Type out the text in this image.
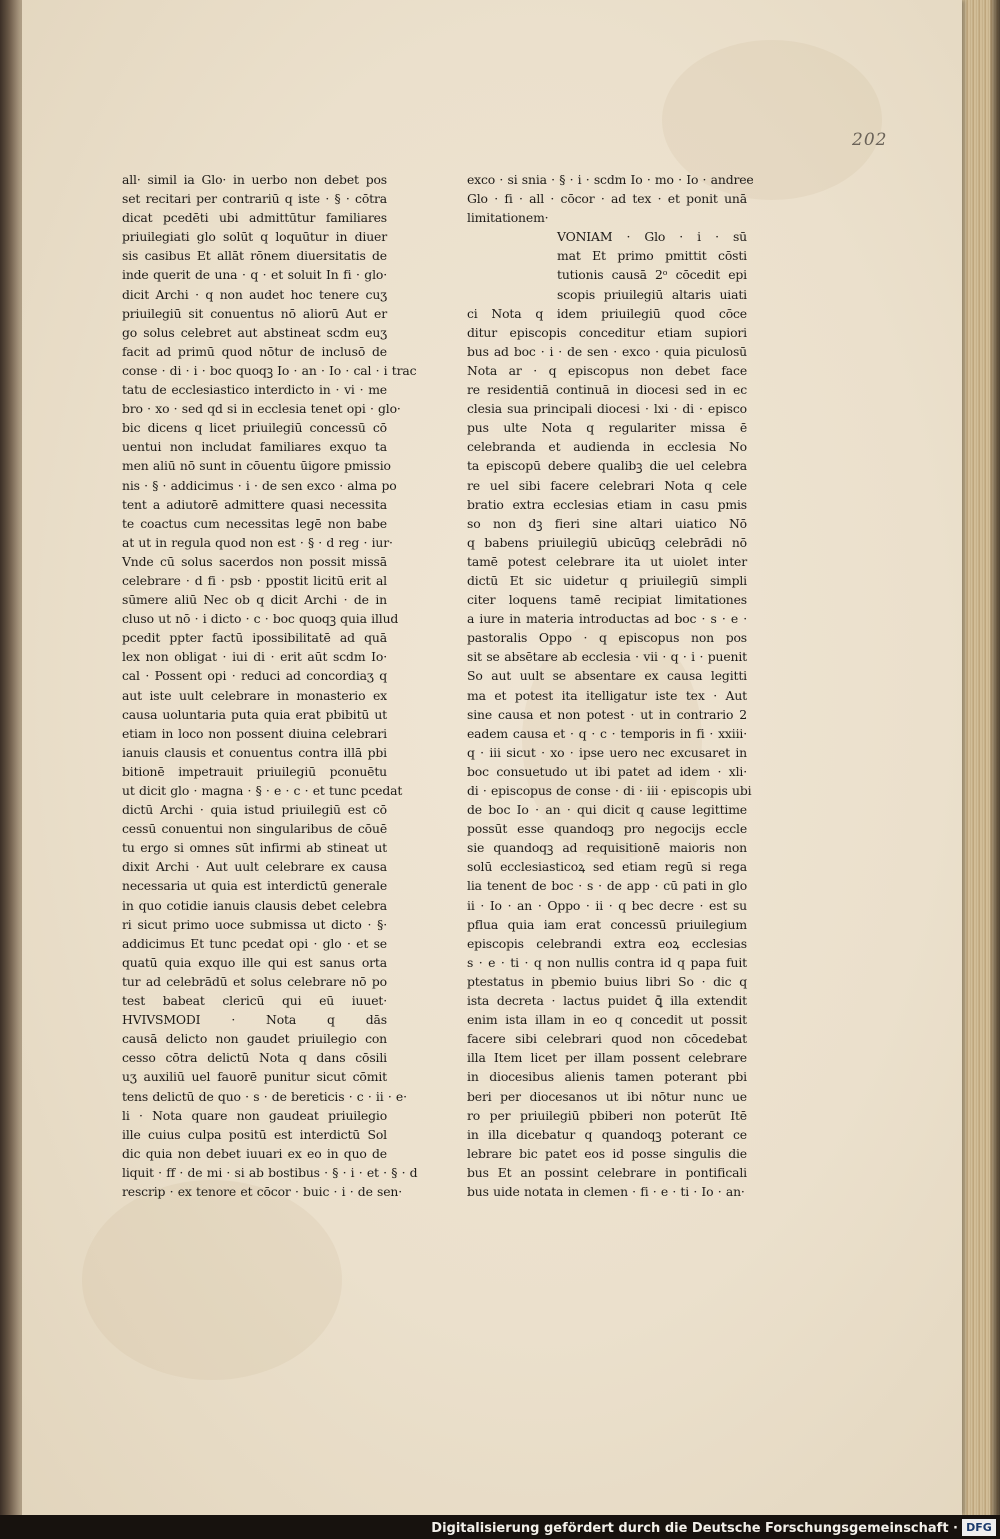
202
all· simil ia Glo· in uerbo non debet pos
set recitari per contrariū q iste · § · cōtra
dicat pcedēti ubi admittūtur familiares
priuilegiati glo solūt q loquūtur in diuer
sis casibus Et allāt rōnem diuersitatis de
inde querit de una · q · et soluit In fi · glo·
dicit Archi · q non audet hoc tenere cuʒ
priuilegiū sit conuentus nō aliorū Aut er
go solus celebret aut abstineat scdm euʒ
facit ad primū quod nōtur de inclusō de
conse · di · i · boc quoqꝫ Io · an · Io · cal · i trac
tatu de ecclesiastico interdicto in · vi · me
bro · xo · sed qd si in ecclesia tenet opi · glo·
bic dicens q licet priuilegiū concessū cō
uentui non includat familiares exquo ta
men aliū nō sunt in cōuentu ūigore pmissio
nis · § · addicimus · i · de sen exco · alma po
tent a adiutorē admittere quasi necessita
te coactus cum necessitas legē non babe
at ut in regula quod non est · § · d reg · iur·
Vnde cū solus sacerdos non possit missā
celebrare · d fi · psb · ppostit licitū erit al
sūmere aliū Nec ob q dicit Archi · de in
cluso ut nō · i dicto · c · boc quoqꝫ quia illud
pcedit ppter factū ipossibilitatē ad quā
lex non obligat · iui di · erit aūt scdm Io·
cal · Possent opi · reduci ad concordiaʒ q
aut iste uult celebrare in monasterio ex
causa uoluntaria puta quia erat pbibitū ut
etiam in loco non possent diuina celebrari
ianuis clausis et conuentus contra illā pbi
bitionē impetrauit priuilegiū pconuētu
ut dicit glo · magna · § · e · c · et tunc pcedat
dictū Archi · quia istud priuilegiū est cō
cessū conuentui non singularibus de cōuē
tu ergo si omnes sūt infirmi ab stineat ut
dixit Archi · Aut uult celebrare ex causa
necessaria ut quia est interdictū generale
in quo cotidie ianuis clausis debet celebra
ri sicut primo uoce submissa ut dicto · §·
addicimus Et tunc pcedat opi · glo · et se
quatū quia exquo ille qui est sanus orta
tur ad celebrādū et solus celebrare nō po
test babeat clericū qui eū iuuet·
HVIVSMODI · Nota q dās
causā delicto non gaudet priuilegio con
cesso cōtra delictū Nota q dans cōsili
uʒ auxiliū uel fauorē punitur sicut cōmit
tens delictū de quo · s · de bereticis · c · ii · e·
li · Nota quare non gaudeat priuilegio
ille cuius culpa positū est interdictū Sol
dic quia non debet iuuari ex eo in quo de
liquit · ff · de mi · si ab bostibus · § · i · et · § · d
rescrip · ex tenore et cōcor · buic · i · de sen·
exco · si snia · § · i · scdm Io · mo · Io · andree
Glo · fi · all · cōcor · ad tex · et ponit unā
limitationem·
VONIAM · Glo · i · sū
mat Et primo pmittit cōsti
tutionis causā 2ᵒ cōcedit epi
scopis priuilegiū altaris uiati
ci Nota q idem priuilegiū quod cōce
ditur episcopis conceditur etiam supiori
bus ad boc · i · de sen · exco · quia piculosū
Nota ar · q episcopus non debet face
re residentiā continuā in diocesi sed in ec
clesia sua principali diocesi · lxi · di · episco
pus ulte Nota q regulariter missa ē
celebranda et audienda in ecclesia No
ta episcopū debere qualibꝫ die uel celebra
re uel sibi facere celebrari Nota q cele
bratio extra ecclesias etiam in casu pmis
so non dꝫ fieri sine altari uiatico Nō
q babens priuilegiū ubicūqꝫ celebrādi nō
tamē potest celebrare ita ut uiolet inter
dictū Et sic uidetur q priuilegiū simpli
citer loquens tamē recipiat limitationes
a iure in materia introductas ad boc · s · e ·
pastoralis Oppo · q episcopus non pos
sit se absētare ab ecclesia · vii · q · i · puenit
So aut uult se absentare ex causa legitti
ma et potest ita itelligatur iste tex · Aut
sine causa et non potest · ut in contrario 2
eadem causa et · q · c · temporis in fi · xxiii·
q · iii sicut · xo · ipse uero nec excusaret in
boc consuetudo ut ibi patet ad idem · xli·
di · episcopus de conse · di · iii · episcopis ubi
de boc Io · an · qui dicit q cause legittime
possūt esse quandoqꝫ pro negocijs eccle
sie quandoqꝫ ad requisitionē maioris non
solū ecclesiasticoꝝ sed etiam regū si rega
lia tenent de boc · s · de app · cū pati in glo
ii · Io · an · Oppo · ii · q bec decre · est su
pflua quia iam erat concessū priuilegium
episcopis celebrandi extra eoꝝ ecclesias
s · e · ti · q non nullis contra id q papa fuit
ptestatus in pbemio buius libri So · dic q
ista decreta · lactus puidet ꝗ̄ illa extendit
enim ista illam in eo q concedit ut possit
facere sibi celebrari quod non cōcedebat
illa Item licet per illam possent celebrare
in diocesibus alienis tamen poterant pbi
beri per diocesanos ut ibi nōtur nunc ue
ro per priuilegiū pbiberi non poterūt Itē
in illa dicebatur q quandoqꝫ poterant ce
lebrare bic patet eos id posse singulis die
bus Et an possint celebrare in pontificali
bus uide notata in clemen · fi · e · ti · Io · an·
Digitalisierung gefördert durch die Deutsche Forschungsgemeinschaft · DFG
